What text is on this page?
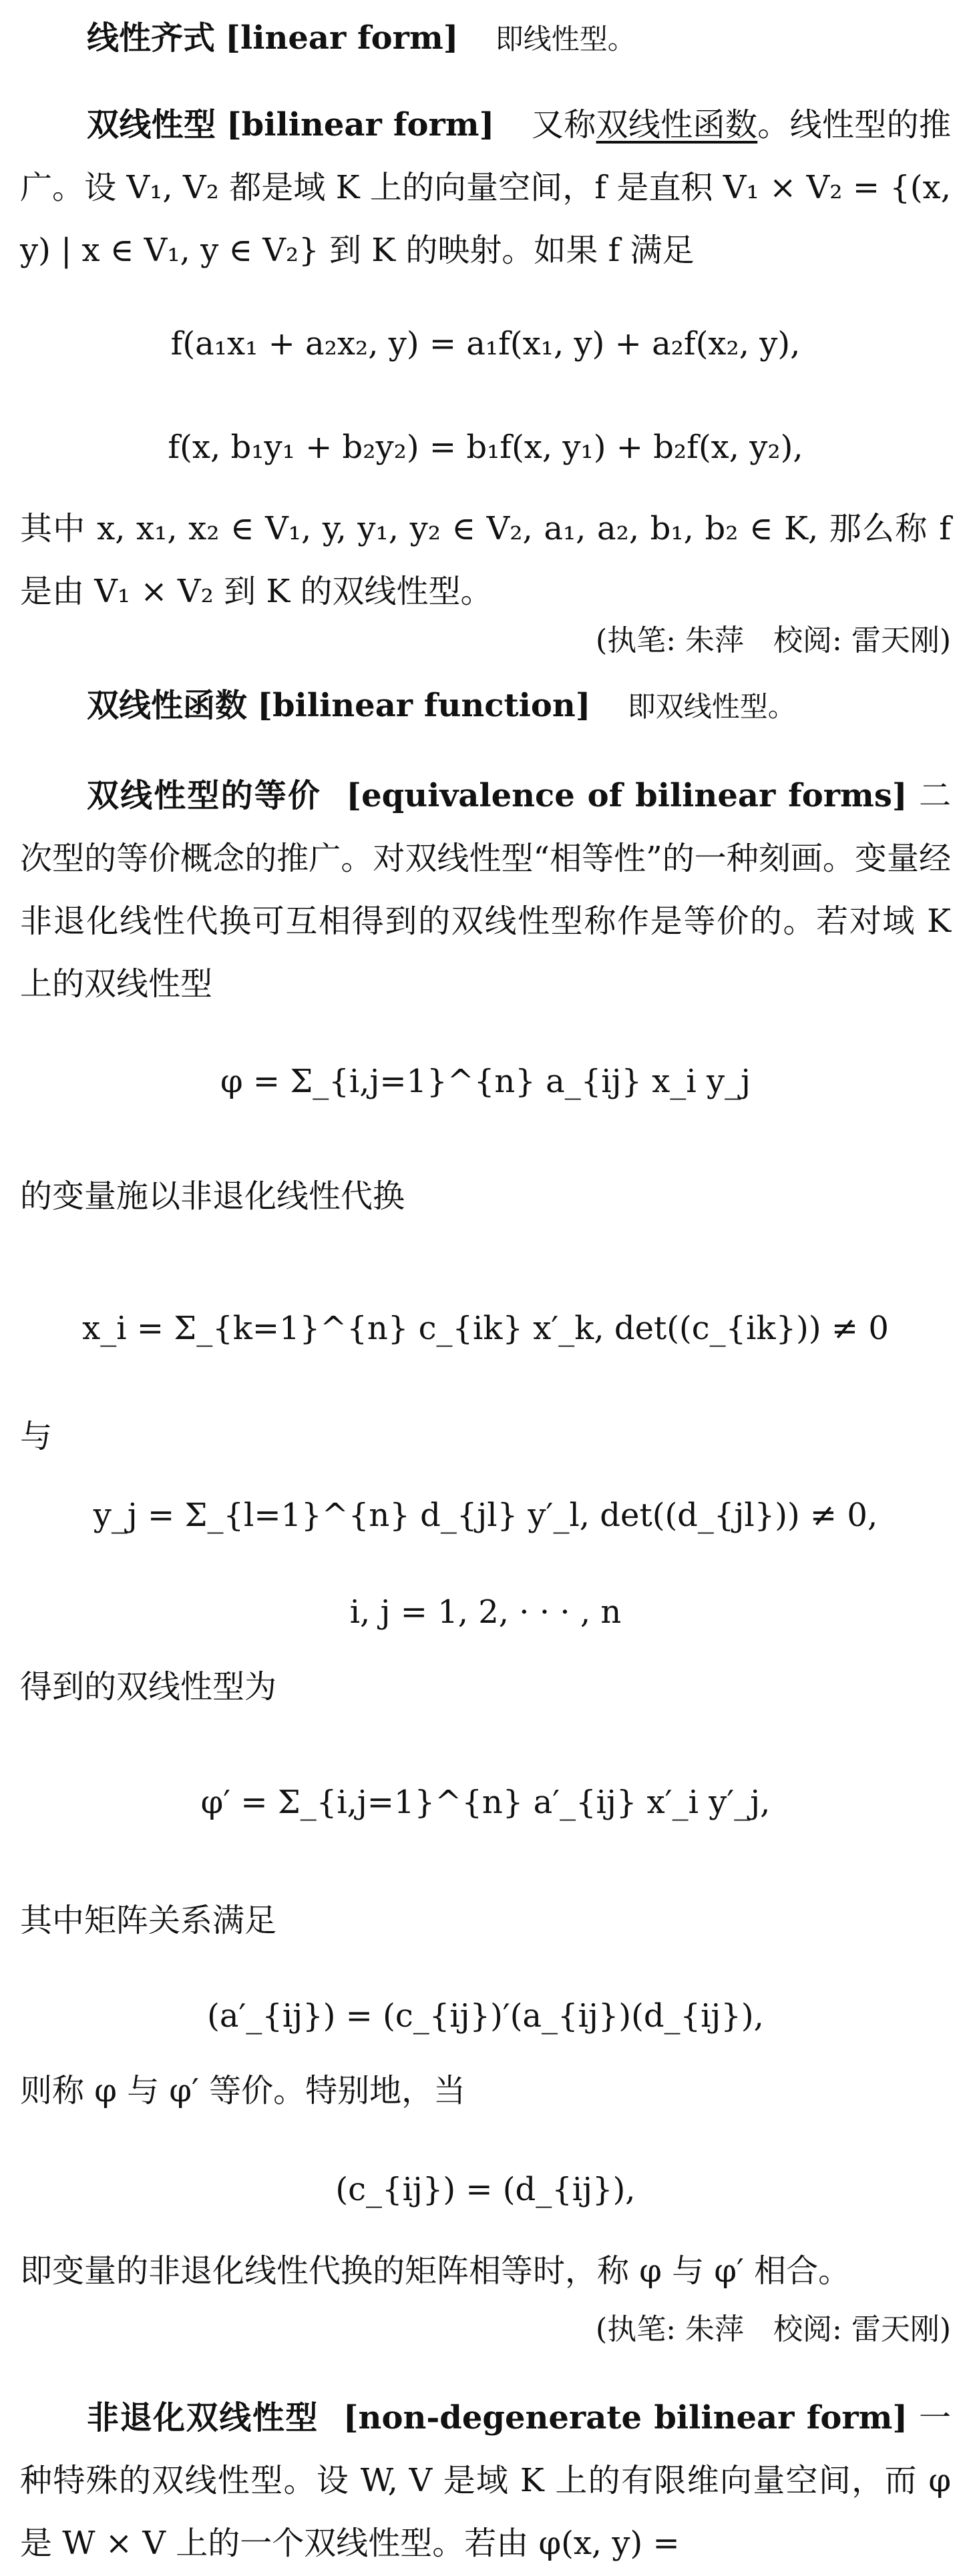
线性齐式 [linear form] 即线性型。

双线性型 [bilinear form] 又称双线性函数。线性型的推广。设 V₁, V₂ 都是域 K 上的向量空间，f 是直积 V₁ × V₂ = {(x, y) | x ∈ V₁, y ∈ V₂} 到 K 的映射。如果 f 满足

f(a₁x₁ + a₂x₂, y) = a₁f(x₁, y) + a₂f(x₂, y),
f(x, b₁y₁ + b₂y₂) = b₁f(x, y₁) + b₂f(x, y₂),

其中 x, x₁, x₂ ∈ V₁, y, y₁, y₂ ∈ V₂, a₁, a₂, b₁, b₂ ∈ K, 那么称 f 是由 V₁ × V₂ 到 K 的双线性型。

(执笔: 朱萍　校阅: 雷天刚)
双线性函数 [bilinear function] 即双线性型。

双线性型的等价 [equivalence of bilinear forms] 二次型的等价概念的推广。对双线性型“相等性”的一种刻画。变量经非退化线性代换可互相得到的双线性型称作是等价的。若对域 K 上的双线性型

φ = Σ_{i,j=1}^{n} a_{ij} x_i y_j

的变量施以非退化线性代换

x_i = Σ_{k=1}^{n} c_{ik} x′_k, det((c_{ik})) ≠ 0

与

y_j = Σ_{l=1}^{n} d_{jl} y′_l, det((d_{jl})) ≠ 0,
i, j = 1, 2, · · · , n

得到的双线性型为

φ′ = Σ_{i,j=1}^{n} a′_{ij} x′_i y′_j,

其中矩阵关系满足

(a′_{ij}) = (c_{ij})′(a_{ij})(d_{ij}),

则称 φ 与 φ′ 等价。特别地，当

(c_{ij}) = (d_{ij}),

即变量的非退化线性代换的矩阵相等时，称 φ 与 φ′ 相合。

(执笔: 朱萍　校阅: 雷天刚)

非退化双线性型 [non-degenerate bilinear form] 一种特殊的双线性型。设 W, V 是域 K 上的有限维向量空间，而 φ 是 W × V 上的一个双线性型。若由 φ(x, y) =
